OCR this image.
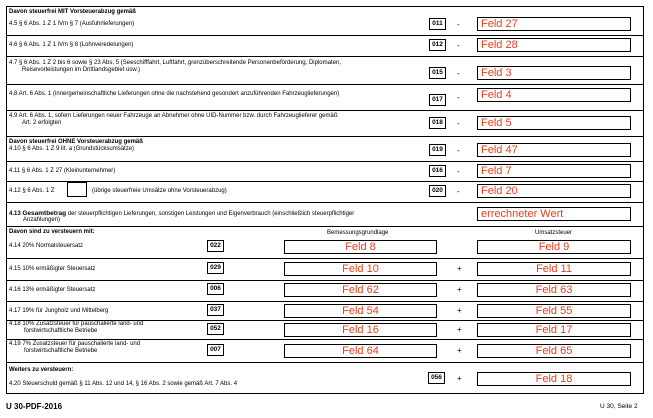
Davon steuerfrei MIT Vorsteuerabzug gemäß
4.5 § 6 Abs. 1 Z 1 iVm § 7 (Ausfuhrlieferungen)	011	-	Feld 27
4.6 § 6 Abs. 1 Z 1 iVm § 8 (Lohnveredelungen)	012	-	Feld 28
4.7 § 6 Abs. 1 Z 2 bis 6 sowie § 23 Abs. 5 (Seeschifffahrt, Luftfahrt, grenzüberschreitende Personenbeförderung, Diplomaten,
Reisevorleistungen im Drittlandsgebiet usw.)	015	-	Feld 3
4.8 Art. 6 Abs. 1 (innergemeinschaftliche Lieferungen ohne die nachstehend gesondert anzuführenden Fahrzeuglieferungen)
017	-	Feld 4
4.9 Art. 6 Abs. 1, sofern Lieferungen neuer Fahrzeuge an Abnehmer ohne UID-Nummer bzw. durch Fahrzeuglieferer gemäß
Art. 2 erfolgten	018	-	Feld 5
Davon steuerfrei OHNE Vorsteuerabzug gemäß
4.10 § 6 Abs. 1 Z 9 lit. a (Grundstücksumsätze)	019	-	Feld 47
4.11 § 6 Abs. 1 Z 27 (Kleinunternehmer)	016	-	Feld 7
4.12 § 6 Abs. 1 Z	(übrige steuerfreie Umsätze ohne Vorsteuerabzug)	020	-	Feld 20
4.13 Gesamtbetrag der steuerpflichtigen Lieferungen, sonstigen Leistungen und Eigenverbrauch (einschließlich steuerpflichtiger
Anzahlungen)	errechneter Wert
Davon sind zu versteuern mit:	Bemessungsgrundlage	Umsatzsteuer
4.14 20% Normalsteuersatz	022	Feld 8	Feld 9
4.15 10% ermäßigter Steuersatz	029	Feld 10	+	Feld 11
4.16 13% ermäßigter Steuersatz	006	Feld 62	+	Feld 63
4.17 19% für Jungholz und Mittelberg	037	Feld 54	+	Feld 55
4.18 10% Zusatzsteuer für pauschalierte land- und
forstwirtschaftliche Betriebe	052	Feld 16	+	Feld 17
4.19 7% Zusatzsteuer für pauschalierte land- und
forstwirtschaftliche Betriebe	007	Feld 64	+	Feld 65
Weiters zu versteuern:
4.20 Steuerschuld gemäß § 11 Abs. 12 und 14, § 16 Abs. 2 sowie gemäß Art. 7 Abs. 4
056	+	Feld 18
U 30-PDF-2016	U 30, Seite 2
